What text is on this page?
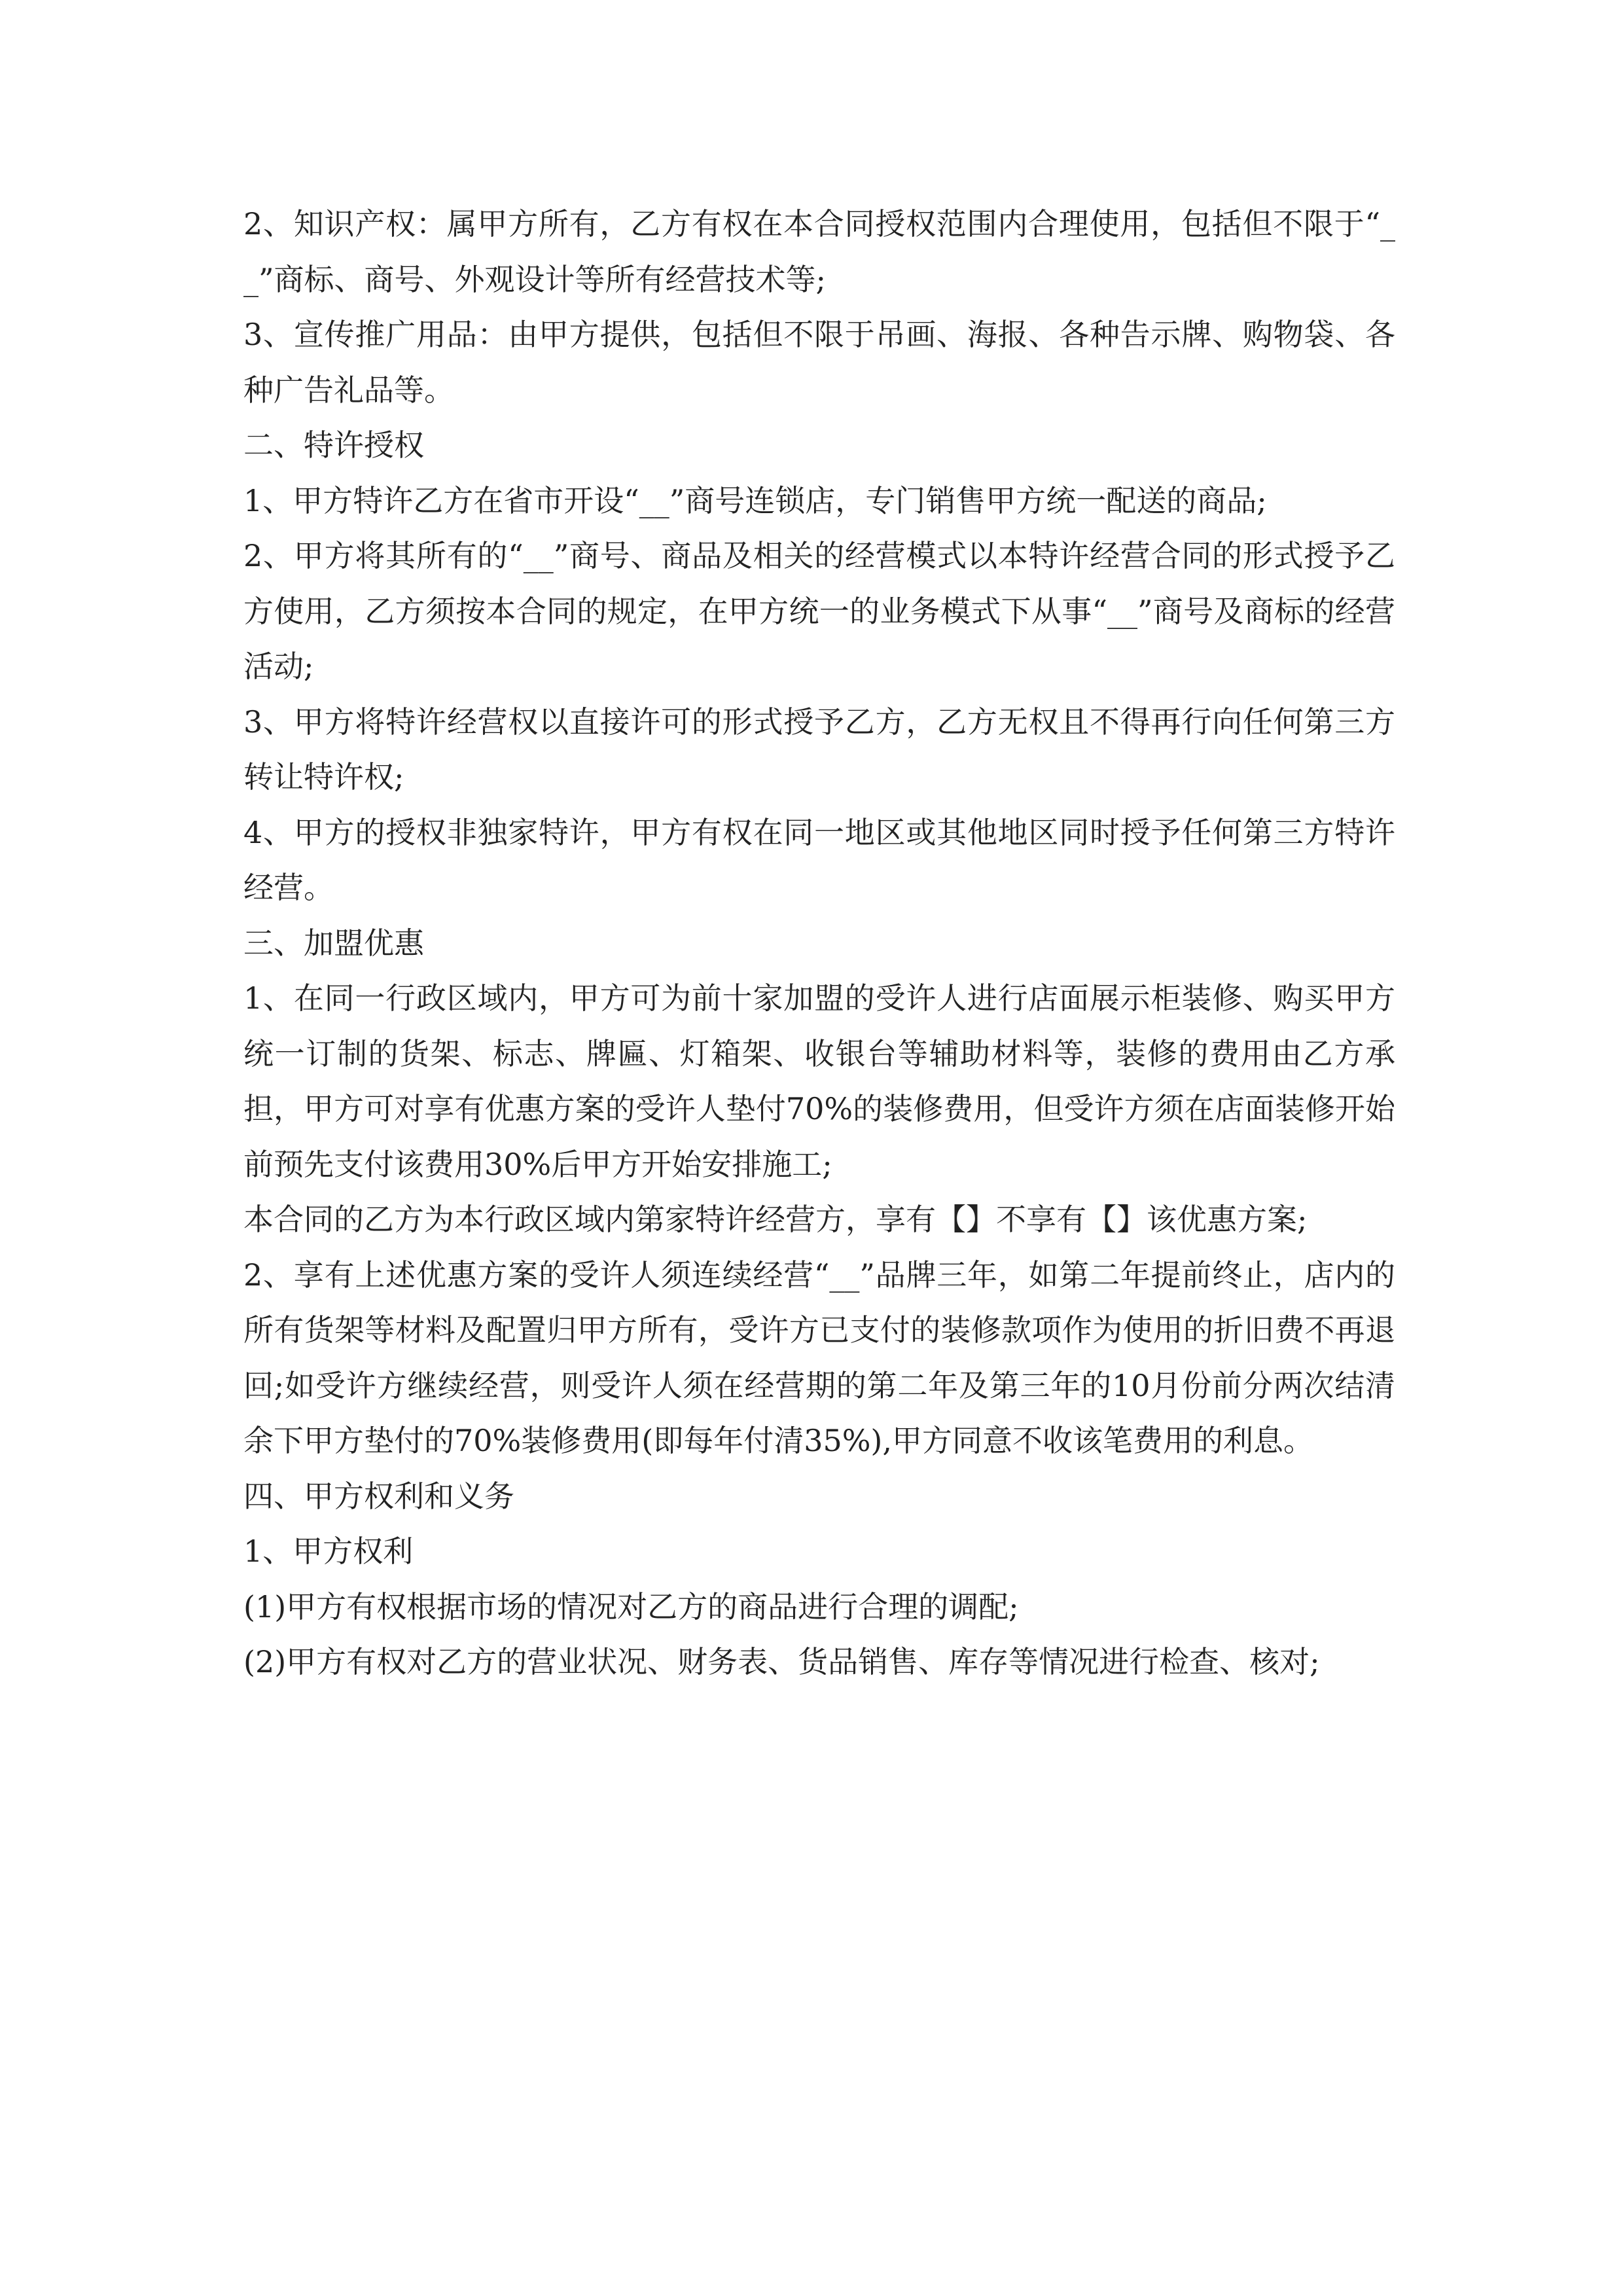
2、知识产权：属甲方所有，乙方有权在本合同授权范围内合理使用，包括但不限于“__”商标、商号、外观设计等所有经营技术等;

3、宣传推广用品：由甲方提供，包括但不限于吊画、海报、各种告示牌、购物袋、各种广告礼品等。

二、特许授权

1、甲方特许乙方在省市开设“__”商号连锁店，专门销售甲方统一配送的商品;

2、甲方将其所有的“__”商号、商品及相关的经营模式以本特许经营合同的形式授予乙方使用，乙方须按本合同的规定，在甲方统一的业务模式下从事“__”商号及商标的经营活动;

3、甲方将特许经营权以直接许可的形式授予乙方，乙方无权且不得再行向任何第三方转让特许权;

4、甲方的授权非独家特许，甲方有权在同一地区或其他地区同时授予任何第三方特许经营。

三、加盟优惠

1、在同一行政区域内，甲方可为前十家加盟的受许人进行店面展示柜装修、购买甲方统一订制的货架、标志、牌匾、灯箱架、收银台等辅助材料等，装修的费用由乙方承担，甲方可对享有优惠方案的受许人垫付70%的装修费用，但受许方须在店面装修开始前预先支付该费用30%后甲方开始安排施工;

本合同的乙方为本行政区域内第家特许经营方，享有【】不享有【】该优惠方案;

2、享有上述优惠方案的受许人须连续经营“__”品牌三年，如第二年提前终止，店内的所有货架等材料及配置归甲方所有，受许方已支付的装修款项作为使用的折旧费不再退回;如受许方继续经营，则受许人须在经营期的第二年及第三年的10月份前分两次结清余下甲方垫付的70%装修费用(即每年付清35%),甲方同意不收该笔费用的利息。

四、甲方权利和义务

1、甲方权利

(1)甲方有权根据市场的情况对乙方的商品进行合理的调配;

(2)甲方有权对乙方的营业状况、财务表、货品销售、库存等情况进行检查、核对;
